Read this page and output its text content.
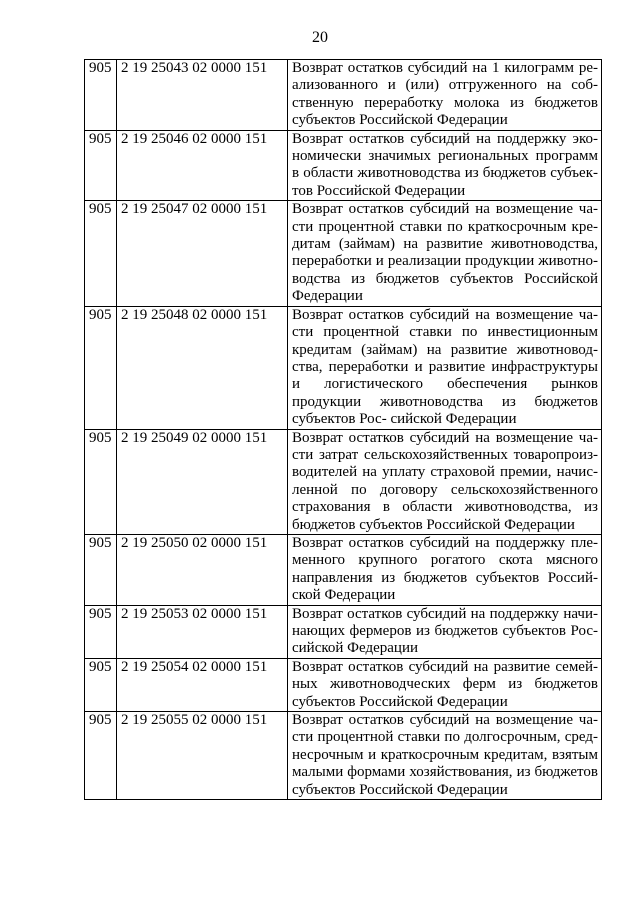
20
905	2 19 25043 02 0000 151	Возврат остатков субсидий на 1 килограмм ре- ализованного и (или) отгруженного на соб- ственную переработку молока из бюджетов субъектов Российской Федерации
905	2 19 25046 02 0000 151	Возврат остатков субсидий на поддержку эко- номически значимых региональных программ в области животноводства из бюджетов субъек- тов Российской Федерации
905	2 19 25047 02 0000 151	Возврат остатков субсидий на возмещение ча- сти процентной ставки по краткосрочным кре- дитам (займам) на развитие животноводства, переработки и реализации продукции животно- водства из бюджетов субъектов Российской Федерации
905	2 19 25048 02 0000 151	Возврат остатков субсидий на возмещение ча- сти процентной ставки по инвестиционным кредитам (займам) на развитие животновод- ства, переработки и развитие инфраструктуры и логистического обеспечения рынков продукции животноводства из бюджетов субъектов Рос- сийской Федерации
905	2 19 25049 02 0000 151	Возврат остатков субсидий на возмещение ча- сти затрат сельскохозяйственных товаропроиз- водителей на уплату страховой премии, начис- ленной по договору сельскохозяйственного страхования в области животноводства, из бюджетов субъектов Российской Федерации
905	2 19 25050 02 0000 151	Возврат остатков субсидий на поддержку пле- менного крупного рогатого скота мясного направления из бюджетов субъектов Россий- ской Федерации
905	2 19 25053 02 0000 151	Возврат остатков субсидий на поддержку начи- нающих фермеров из бюджетов субъектов Рос- сийской Федерации
905	2 19 25054 02 0000 151	Возврат остатков субсидий на развитие семей- ных животноводческих ферм из бюджетов субъектов Российской Федерации
905	2 19 25055 02 0000 151	Возврат остатков субсидий на возмещение ча- сти процентной ставки по долгосрочным, сред- несрочным и краткосрочным кредитам, взятым малыми формами хозяйствования, из бюджетов субъектов Российской Федерации
